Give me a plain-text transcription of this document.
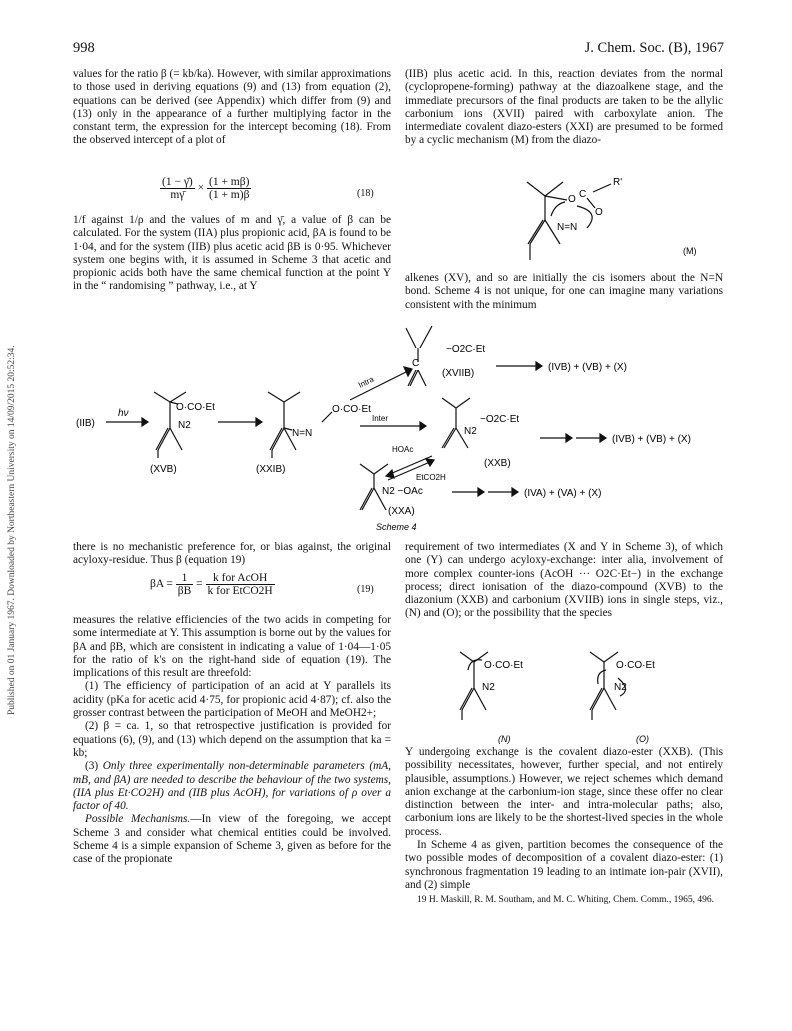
998	J. Chem. Soc. (B), 1967
Published on 01 January 1967. Downloaded by Northeastern University on 14/09/2015 20:52:34.

values for the ratio β (= kb/ka). However, with similar approximations to those used in deriving equations (9) and (13) from equation (2), equations can be derived (see Appendix) which differ from (9) and (13) only in the appearance of a further multiplying factor in the constant term, the expression for the intercept becoming (18). From the observed intercept of a plot of

$\frac{(1 - \gammā)}{m\gammā} \times \frac{(1 + m\beta)}{(1 + m)\beta}$	(18)

1/f against 1/ρ and the values of m and γ̄, a value of β can be calculated. For the system (IIA) plus propionic acid, βA is found to be 1·04, and for the system (IIB) plus acetic acid βB is 0·95. Whichever system one begins with, it is assumed in Scheme 3 that acetic and propionic acids both have the same chemical function at the point Y in the “ randomising ” pathway, i.e., at Y

(IIB) plus acetic acid. In this, reaction deviates from the normal (cyclopropene-forming) pathway at the diazoalkene stage, and the immediate precursors of the final products are taken to be the allylic carbonium ions (XVII) paired with carboxylate anion. The intermediate covalent diazo-esters (XXI) are presumed to be formed by a cyclic mechanism (M) from the diazo-

O C
O
R'
N=N
(M)

alkenes (XV), and so are initially the cis isomers about the N=N bond. Scheme 4 is not unique, for one can imagine many variations consistent with the minimum

(IIB)
hν
O·CO·Et
N2
(XVB)
N=N
O·CO·Et
(XXIB)
Intra
Inter
C
−O2C·Et
(XVIIB)
(IVB) + (VB) + (X)
−O2C·Et
N2
(XXB)
(IVB) + (VB) + (X)
HOAc
EtCO2H
N2 −OAc
(XXA)
(IVA) + (VA) + (X)
Scheme 4

there is no mechanistic preference for, or bias against, the original acyloxy-residue. Thus β (equation 19)

$\beta A = \frac{1}{\beta B} = \frac{\text{k for AcOH}}{\text{k for EtCO2H}}$	(19)

measures the relative efficiencies of the two acids in competing for some intermediate at Y. This assumption is borne out by the values for βA and βB, which are consistent in indicating a value of 1·04—1·05 for the ratio of k's on the right-hand side of equation (19). The implications of this result are threefold:

(1) The efficiency of participation of an acid at Y parallels its acidity (pKa for acetic acid 4·75, for propionic acid 4·87); cf. also the grosser contrast between the participation of MeOH and MeOH2+;

(2) β = ca. 1, so that retrospective justification is provided for equations (6), (9), and (13) which depend on the assumption that ka = kb;

(3) Only three experimentally non-determinable parameters (mA, mB, and βA) are needed to describe the behaviour of the two systems, (IIA plus Et·CO2H) and (IIB plus AcOH), for variations of ρ over a factor of 40.

Possible Mechanisms.—In view of the foregoing, we accept Scheme 3 and consider what chemical entities could be involved. Scheme 4 is a simple expansion of Scheme 3, given as before for the case of the propionate

requirement of two intermediates (X and Y in Scheme 3), of which one (Y) can undergo acyloxy-exchange: inter alia, involvement of more complex counter-ions (AcOH ··· O2C·Et−) in the exchange process; direct ionisation of the diazo-compound (XVB) to the diazonium (XXB) and carbonium (XVIIB) ions in single steps, viz., (N) and (O); or the possibility that the species

O·CO·Et
N2
O·CO·Et
N2
(N)	(O)

Y undergoing exchange is the covalent diazo-ester (XXB). (This possibility necessitates, however, further special, and not entirely plausible, assumptions.) However, we reject schemes which demand anion exchange at the carbonium-ion stage, since these offer no clear distinction between the inter- and intra-molecular paths; also, carbonium ions are likely to be the shortest-lived species in the whole process.

In Scheme 4 as given, partition becomes the consequence of the two possible modes of decomposition of a covalent diazo-ester: (1) synchronous fragmentation 19 leading to an intimate ion-pair (XVII), and (2) simple

19 H. Maskill, R. M. Southam, and M. C. Whiting, Chem. Comm., 1965, 496.
